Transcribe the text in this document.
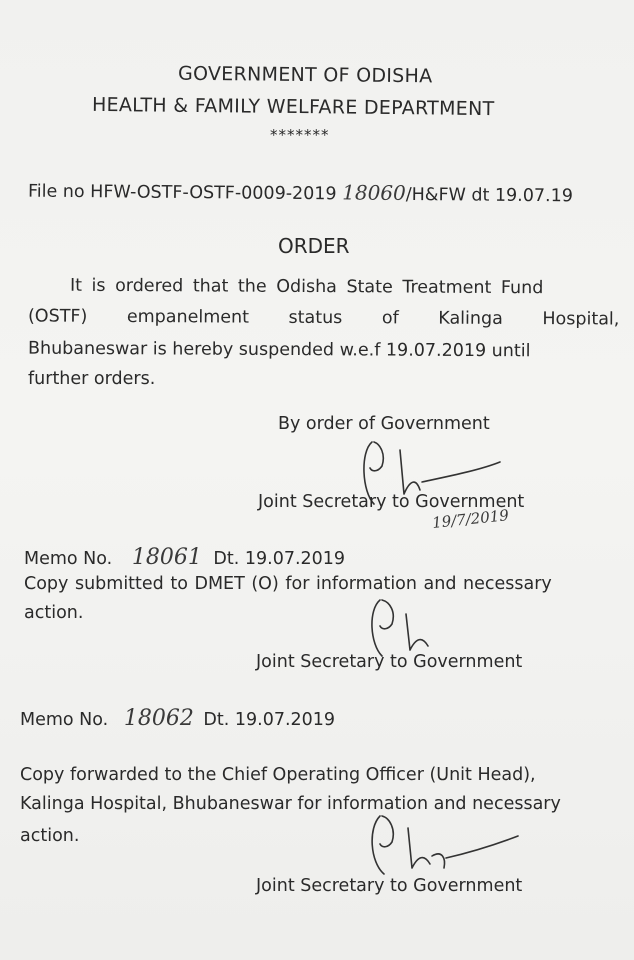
GOVERNMENT OF ODISHA
HEALTH & FAMILY WELFARE DEPARTMENT
*******
File no HFW-OSTF-OSTF-0009-2019 18060/H&FW dt 19.07.19
ORDER
It is ordered that the Odisha State Treatment Fund
(OSTF) empanelment status of Kalinga Hospital,
Bhubaneswar is hereby suspended w.e.f 19.07.2019 until
further orders.
By order of Government
Joint Secretary to Government
19/7/2019
Memo No. 18061 Dt. 19.07.2019
Copy submitted to DMET (O) for information and necessary
action.
Joint Secretary to Government
Memo No. 18062 Dt. 19.07.2019
Copy forwarded to the Chief Operating Officer (Unit Head),
Kalinga Hospital, Bhubaneswar for information and necessary
action.
Joint Secretary to Government
